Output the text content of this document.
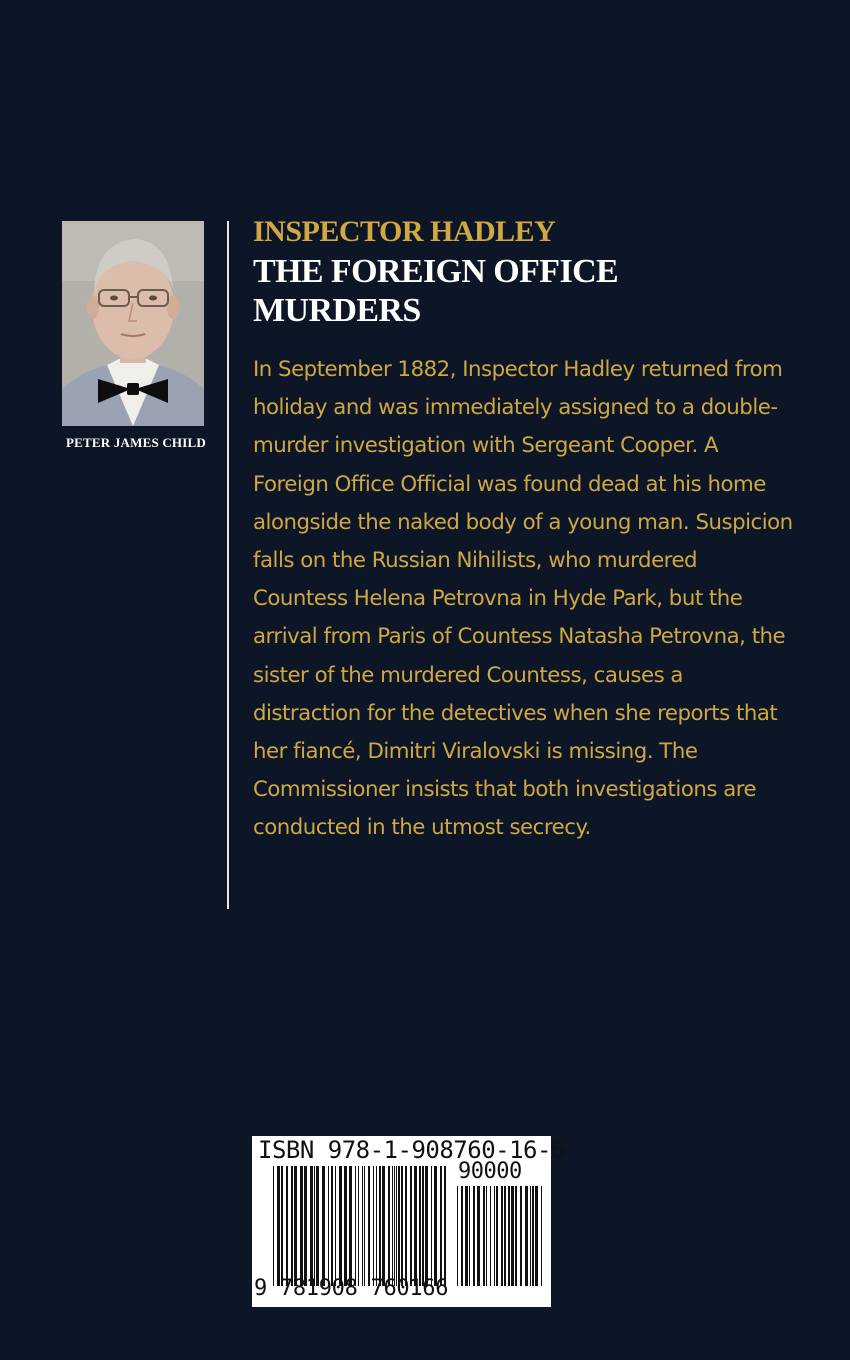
PETER JAMES CHILD
INSPECTOR HADLEY
THE FOREIGN OFFICE MURDERS
In September 1882, Inspector Hadley returned from holiday and was immediately assigned to a double-murder investigation with Sergeant Cooper. A Foreign Office Official was found dead at his home alongside the naked body of a young man. Suspicion falls on the Russian Nihilists, who murdered Countess Helena Petrovna in Hyde Park, but the arrival from Paris of Countess Natasha Petrovna, the sister of the murdered Countess, causes a distraction for the detectives when she reports that her fiancé, Dimitri Viralovski is missing. The Commissioner insists that both investigations are conducted in the utmost secrecy.
ISBN 978-1-908760-16-6
90000
9 781908 760166
